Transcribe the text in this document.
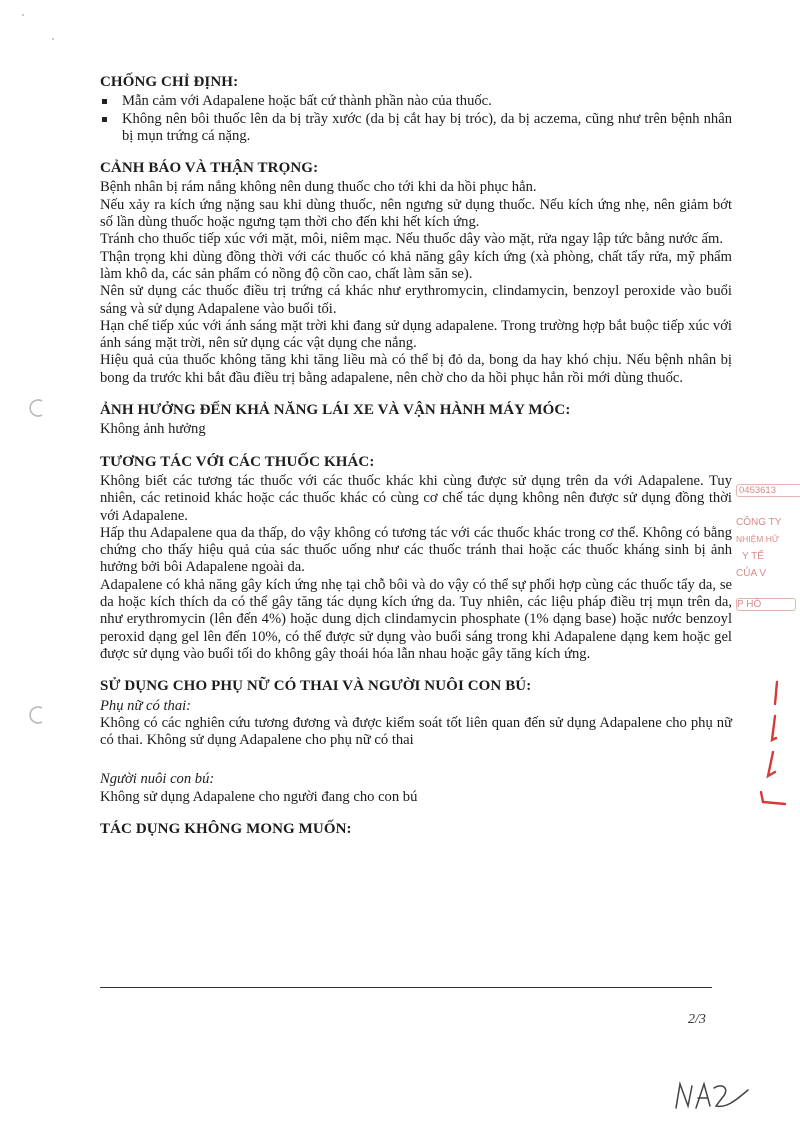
CHỐNG CHỈ ĐỊNH:
Mẫn cảm với Adapalene hoặc bất cứ thành phần nào của thuốc.
Không nên bôi thuốc lên da bị trầy xước (da bị cắt hay bị tróc), da bị aczema, cũng như trên bệnh nhân bị mụn trứng cá nặng.
CẢNH BÁO VÀ THẬN TRỌNG:

Bệnh nhân bị rám nắng không nên dung thuốc cho tới khi da hồi phục hẳn.

Nếu xảy ra kích ứng nặng sau khi dùng thuốc, nên ngưng sử dụng thuốc. Nếu kích ứng nhẹ, nên giảm bớt số lần dùng thuốc hoặc ngưng tạm thời cho đến khi hết kích ứng.

Tránh cho thuốc tiếp xúc với mặt, môi, niêm mạc. Nếu thuốc dây vào mặt, rửa ngay lập tức bằng nước ấm.

Thận trọng khi dùng đồng thời với các thuốc có khả năng gây kích ứng (xà phòng, chất tẩy rửa, mỹ phẩm làm khô da, các sản phẩm có nồng độ cồn cao, chất làm săn se).

Nên sử dụng các thuốc điều trị trứng cá khác như erythromycin, clindamycin, benzoyl peroxide vào buổi sáng và sử dụng Adapalene vào buổi tối.

Hạn chế tiếp xúc với ánh sáng mặt trời khi đang sử dụng adapalene. Trong trường hợp bắt buộc tiếp xúc với ánh sáng mặt trời, nên sử dụng các vật dụng che nắng.

Hiệu quả của thuốc không tăng khi tăng liều mà có thể bị đỏ da, bong da hay khó chịu. Nếu bệnh nhân bị bong da trước khi bắt đầu điều trị bằng adapalene, nên chờ cho da hồi phục hẳn rồi mới dùng thuốc.

ẢNH HƯỞNG ĐẾN KHẢ NĂNG LÁI XE VÀ VẬN HÀNH MÁY MÓC:

Không ảnh hưởng

TƯƠNG TÁC VỚI CÁC THUỐC KHÁC:

Không biết các tương tác thuốc với các thuốc khác khi cùng được sử dụng trên da với Adapalene. Tuy nhiên, các retinoid khác hoặc các thuốc khác có cùng cơ chế tác dụng không nên được sử dụng đồng thời với Adapalene.

Hấp thu Adapalene qua da thấp, do vậy không có tương tác với các thuốc khác trong cơ thể. Không có bằng chứng cho thấy hiệu quả của sác thuốc uống như các thuốc tránh thai hoặc các thuốc kháng sinh bị ảnh hưởng bởi bôi Adapalene ngoài da.

Adapalene có khả năng gây kích ứng nhẹ tại chỗ bôi và do vậy có thể sự phối hợp cùng các thuốc tẩy da, se da hoặc kích thích da có thể gây tăng tác dụng kích ứng da. Tuy nhiên, các liệu pháp điều trị mụn trên da, như erythromycin (lên đến 4%) hoặc dung dịch clindamycin phosphate (1% dạng base) hoặc nước benzoyl peroxid dạng gel lên đến 10%, có thể được sử dụng vào buổi sáng trong khi Adapalene dạng kem hoặc gel được sử dụng vào buổi tối do không gây thoái hóa lẫn nhau hoặc gây tăng kích ứng.

SỬ DỤNG CHO PHỤ NỮ CÓ THAI VÀ NGƯỜI NUÔI CON BÚ:

Phụ nữ có thai:

Không có các nghiên cứu tương đương và được kiểm soát tốt liên quan đến sử dụng Adapalene cho phụ nữ có thai. Không sử dụng Adapalene cho phụ nữ có thai

Người nuôi con bú:

Không sử dụng Adapalene cho người đang cho con bú

TÁC DỤNG KHÔNG MONG MUỐN:
2/3
0453613
CÔNG TY
NHIỆM HỮ
Y TẾ
CỦA V
P HỒ
